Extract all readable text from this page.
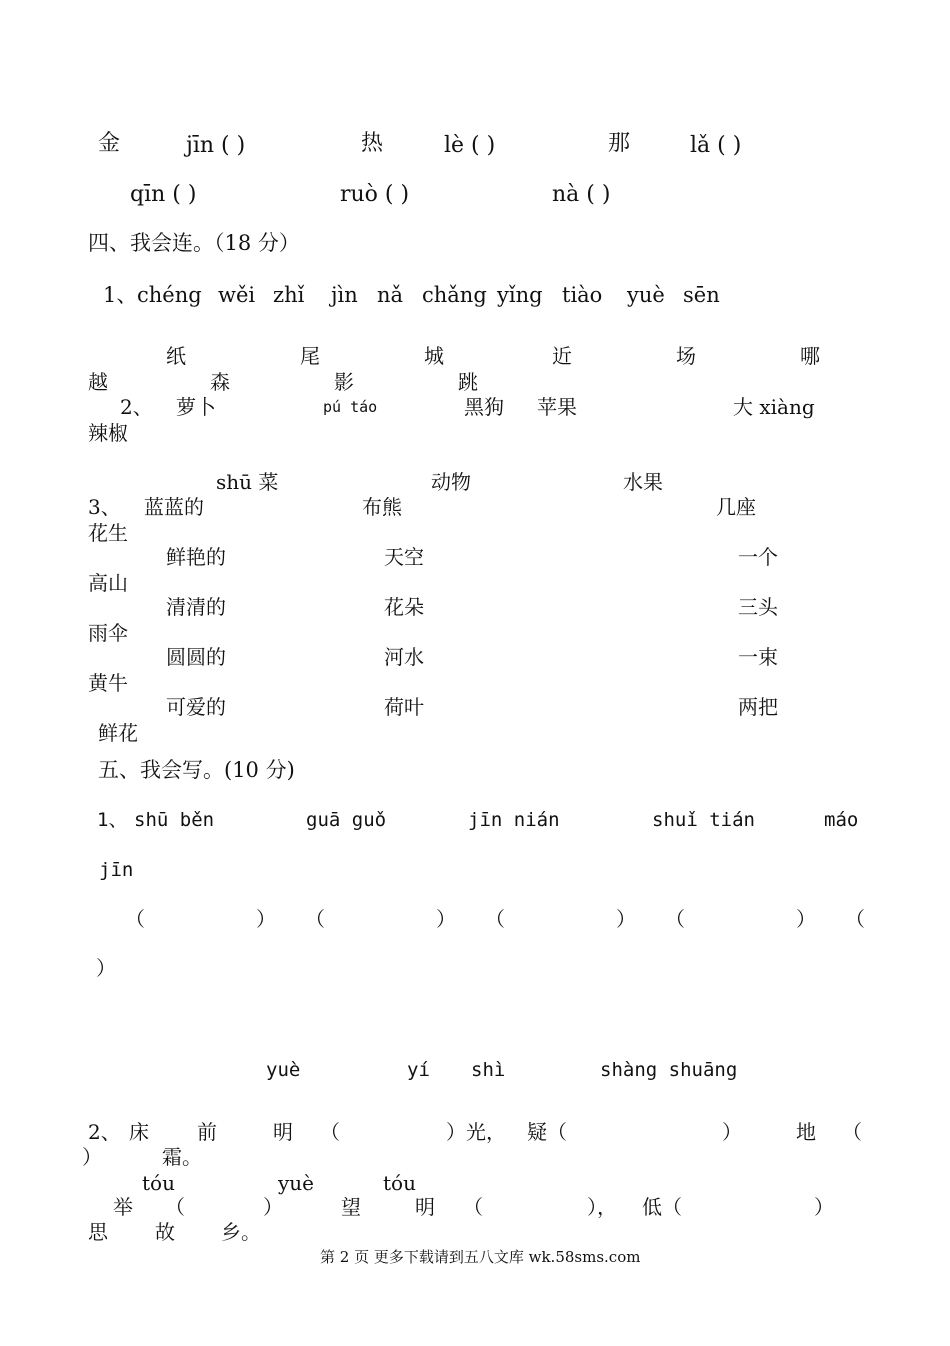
金	jīn ( )	热	lè ( )	那	lǎ ( )
qīn ( )	ruò ( )	nà ( )
四、我会连。（18 分）
1、 chéng wěi zhǐ jìn nǎ chǎng yǐng tiào yuè sēn
纸	尾	城	近	场	哪
越	森	影	跳
2、 萝卜	pú táo	黑狗 苹果	大 xiàng
辣椒
shū 菜	动物	水果
3、 蓝蓝的	布熊	几座
花生
鲜艳的	天空	一个
高山
清清的	花朵	三头
雨伞
圆圆的	河水	一束
黄牛
可爱的	荷叶	两把
鲜花
五、我会写。(10 分)
1、 shū běn	guā guǒ	jīn nián	shuǐ tián	máo
jīn
（	） （	） （	） （	） （
）
yuè	yí shì	shàng shuāng
2、 床 前	明 （	）光， 疑（	）	地 （
）	霜。
tóu	yuè	tóu
举 （	）	望	明 （	）， 低（	）
思 故 乡。
第 2 页 更多下载请到五八文库 wk.58sms.com
